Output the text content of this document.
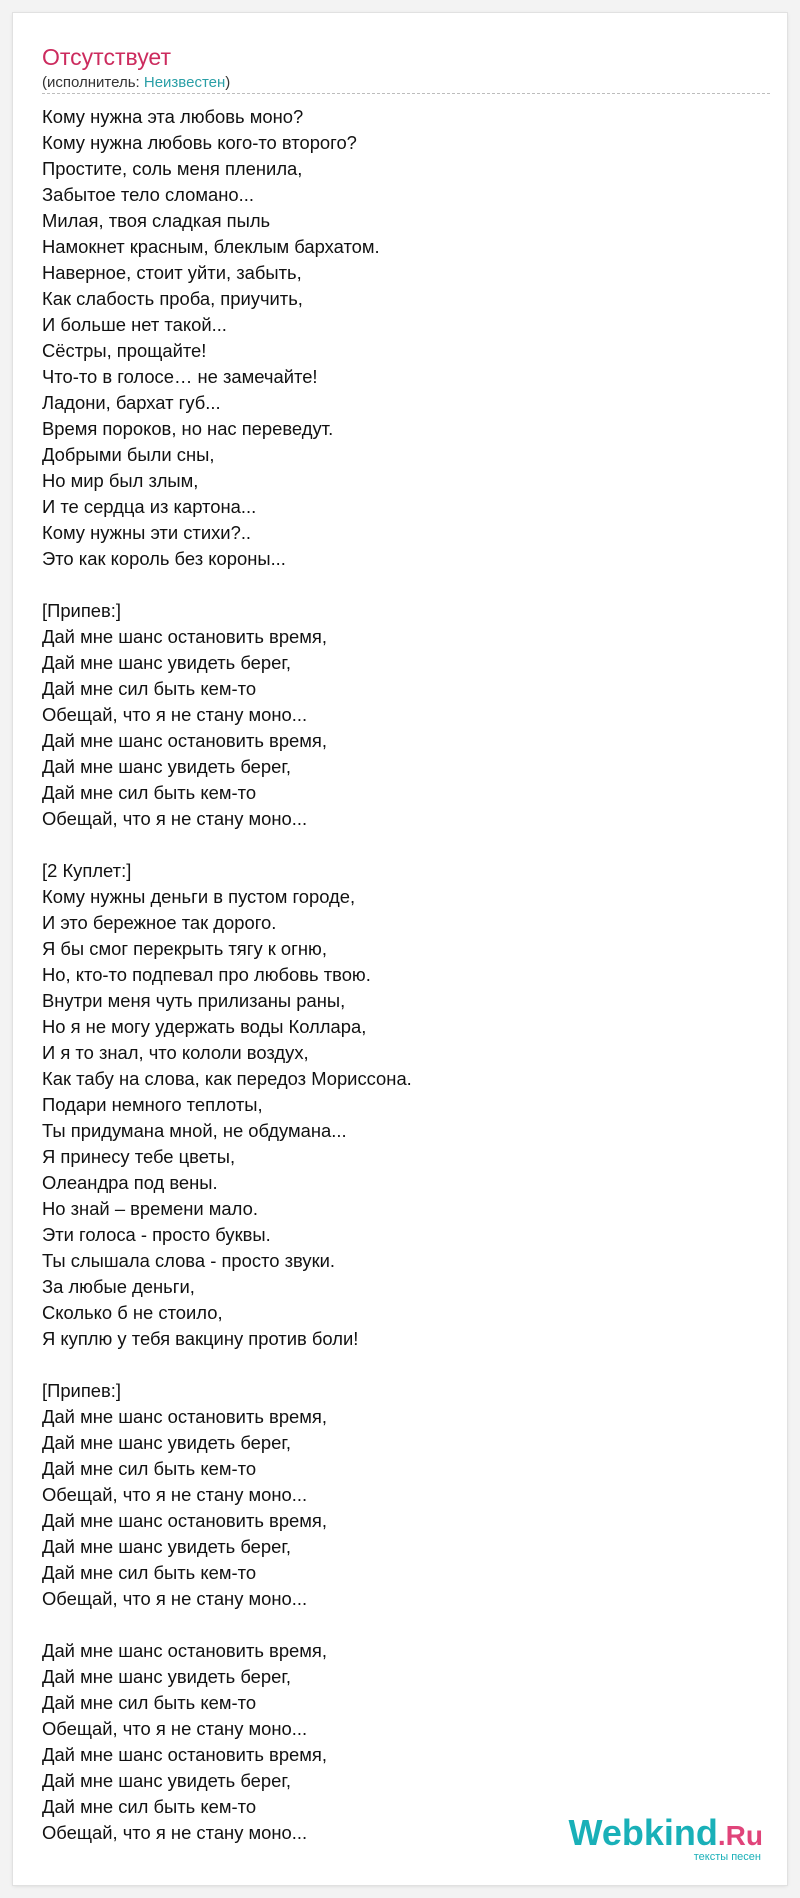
Отсутствует
(исполнитель: Неизвестен)
Кому нужна эта любовь моно?
Кому нужна любовь кого-то второго?
Простите, соль меня пленила,
Забытое тело сломано...
Милая, твоя сладкая пыль
Намокнет красным, блеклым бархатом.
Наверное, стоит уйти, забыть,
Как слабость проба, приучить,
И больше нет такой...
Сёстры, прощайте!
Что-то в голосе… не замечайте!
Ладони, бархат губ...
Время пороков, но нас переведут.
Добрыми были сны,
Но мир был злым,
И те сердца из картона...
Кому нужны эти стихи?..
Это как король без короны...

[Припев:]
Дай мне шанс остановить время,
Дай мне шанс увидеть берег,
Дай мне сил быть кем-то
Обещай, что я не стану моно...
Дай мне шанс остановить время,
Дай мне шанс увидеть берег,
Дай мне сил быть кем-то
Обещай, что я не стану моно...

[2 Куплет:]
Кому нужны деньги в пустом городе,
И это бережное так дорого.
Я бы смог перекрыть тягу к огню,
Но, кто-то подпевал про любовь твою.
Внутри меня чуть прилизаны раны,
Но я не могу удержать воды Коллара,
И я то знал, что кололи воздух,
Как табу на слова, как передоз Мориссона.
Подари немного теплоты,
Ты придумана мной, не обдумана...
Я принесу тебе цветы,
Олеандра под вены.
Но знай – времени мало.
Эти голоса - просто буквы.
Ты слышала слова - просто звуки.
За любые деньги,
Сколько б не стоило,
Я куплю у тебя вакцину против боли!

[Припев:]
Дай мне шанс остановить время,
Дай мне шанс увидеть берег,
Дай мне сил быть кем-то
Обещай, что я не стану моно...
Дай мне шанс остановить время,
Дай мне шанс увидеть берег,
Дай мне сил быть кем-то
Обещай, что я не стану моно...

Дай мне шанс остановить время,
Дай мне шанс увидеть берег,
Дай мне сил быть кем-то
Обещай, что я не стану моно...
Дай мне шанс остановить время,
Дай мне шанс увидеть берег,
Дай мне сил быть кем-то
Обещай, что я не стану моно...	Webkind.Ru
тексты песен
